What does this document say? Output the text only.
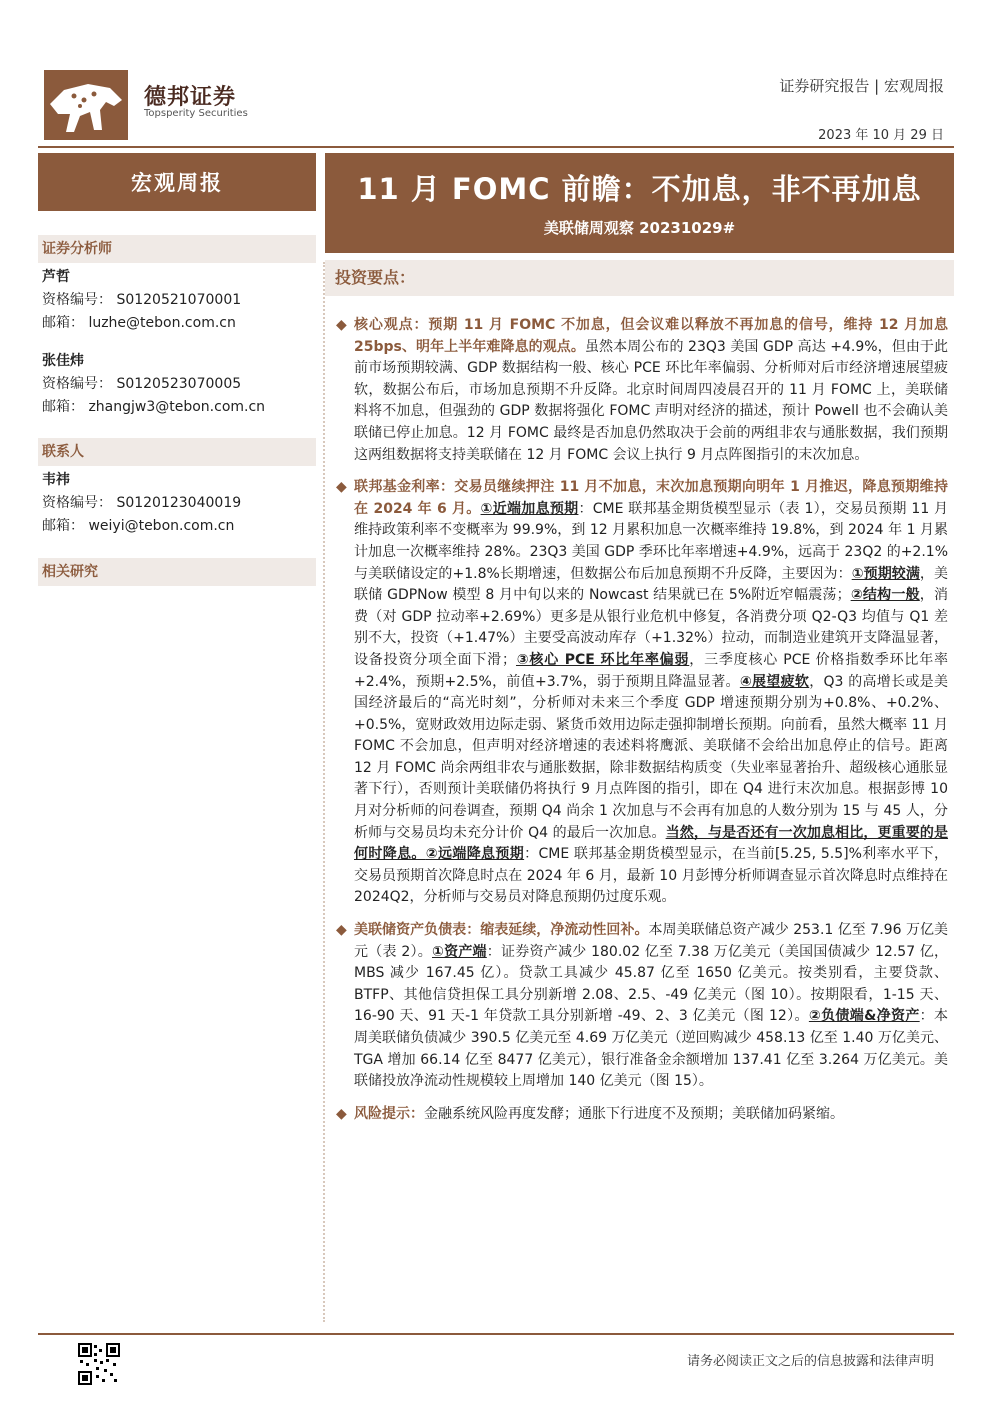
德邦证券
Topsperity Securities
证券研究报告 | 宏观周报
2023 年 10 月 29 日
宏观周报	11 月 FOMC 前瞻：不加息，非不再加息
美联储周观察 20231029#
证券分析师
芦哲
资格编号： S0120521070001
邮箱： luzhe@tebon.com.cn
张佳炜
资格编号： S0120523070005
邮箱： zhangjw3@tebon.com.cn
联系人
韦祎
资格编号： S0120123040019
邮箱： weiyi@tebon.com.cn
相关研究
投资要点：
◆ 核心观点：预期 11 月 FOMC 不加息，但会议难以释放不再加息的信号，维持 12 月加息 25bps、明年上半年难降息的观点。虽然本周公布的 23Q3 美国 GDP 高达 +4.9%，但由于此前市场预期较满、GDP 数据结构一般、核心 PCE 环比年率偏弱、分析师对后市经济增速展望疲软，数据公布后，市场加息预期不升反降。北京时间周四凌晨召开的 11 月 FOMC 上，美联储料将不加息，但强劲的 GDP 数据将强化 FOMC 声明对经济的描述，预计 Powell 也不会确认美联储已停止加息。12 月 FOMC 最终是否加息仍然取决于会前的两组非农与通胀数据，我们预期这两组数据将支持美联储在 12 月 FOMC 会议上执行 9 月点阵图指引的末次加息。
◆ 联邦基金利率：交易员继续押注 11 月不加息，末次加息预期向明年 1 月推迟，降息预期维持在 2024 年 6 月。①近端加息预期：CME 联邦基金期货模型显示（表 1），交易员预期 11 月维持政策利率不变概率为 99.9%，到 12 月累积加息一次概率维持 19.8%，到 2024 年 1 月累计加息一次概率维持 28%。23Q3 美国 GDP 季环比年率增速+4.9%，远高于 23Q2 的+2.1%与美联储设定的+1.8%长期增速，但数据公布后加息预期不升反降，主要因为：①预期较满，美联储 GDPNow 模型 8 月中旬以来的 Nowcast 结果就已在 5%附近窄幅震荡；②结构一般，消费（对 GDP 拉动率+2.69%）更多是从银行业危机中修复，各消费分项 Q2-Q3 均值与 Q1 差别不大，投资（+1.47%）主要受高波动库存（+1.32%）拉动，而制造业建筑开支降温显著，设备投资分项全面下滑；③核心 PCE 环比年率偏弱，三季度核心 PCE 价格指数季环比年率+2.4%，预期+2.5%，前值+3.7%，弱于预期且降温显著。④展望疲软，Q3 的高增长或是美国经济最后的“高光时刻”，分析师对未来三个季度 GDP 增速预期分别为+0.8%、+0.2%、+0.5%，宽财政效用边际走弱、紧货币效用边际走强抑制增长预期。向前看，虽然大概率 11 月 FOMC 不会加息，但声明对经济增速的表述料将鹰派、美联储不会给出加息停止的信号。距离 12 月 FOMC 尚余两组非农与通胀数据，除非数据结构质变（失业率显著抬升、超级核心通胀显著下行），否则预计美联储仍将执行 9 月点阵图的指引，即在 Q4 进行末次加息。根据彭博 10 月对分析师的问卷调查，预期 Q4 尚余 1 次加息与不会再有加息的人数分别为 15 与 45 人，分析师与交易员均未充分计价 Q4 的最后一次加息。当然，与是否还有一次加息相比，更重要的是何时降息。②远端降息预期：CME 联邦基金期货模型显示，在当前[5.25, 5.5]%利率水平下，交易员预期首次降息时点在 2024 年 6 月，最新 10 月彭博分析师调查显示首次降息时点维持在 2024Q2，分析师与交易员对降息预期仍过度乐观。
◆ 美联储资产负债表：缩表延续，净流动性回补。本周美联储总资产减少 253.1 亿至 7.96 万亿美元（表 2）。①资产端：证券资产减少 180.02 亿至 7.38 万亿美元（美国国债减少 12.57 亿，MBS 减少 167.45 亿）。贷款工具减少 45.87 亿至 1650 亿美元。按类别看，主要贷款、BTFP、其他信贷担保工具分别新增 2.08、2.5、-49 亿美元（图 10）。按期限看，1-15 天、16-90 天、91 天-1 年贷款工具分别新增 -49、2、3 亿美元（图 12）。②负债端&净资产：本周美联储负债减少 390.5 亿美元至 4.69 万亿美元（逆回购减少 458.13 亿至 1.40 万亿美元、TGA 增加 66.14 亿至 8477 亿美元），银行准备金余额增加 137.41 亿至 3.264 万亿美元。美联储投放净流动性规模较上周增加 140 亿美元（图 15）。
◆ 风险提示：金融系统风险再度发酵；通胀下行进度不及预期；美联储加码紧缩。
请务必阅读正文之后的信息披露和法律声明
